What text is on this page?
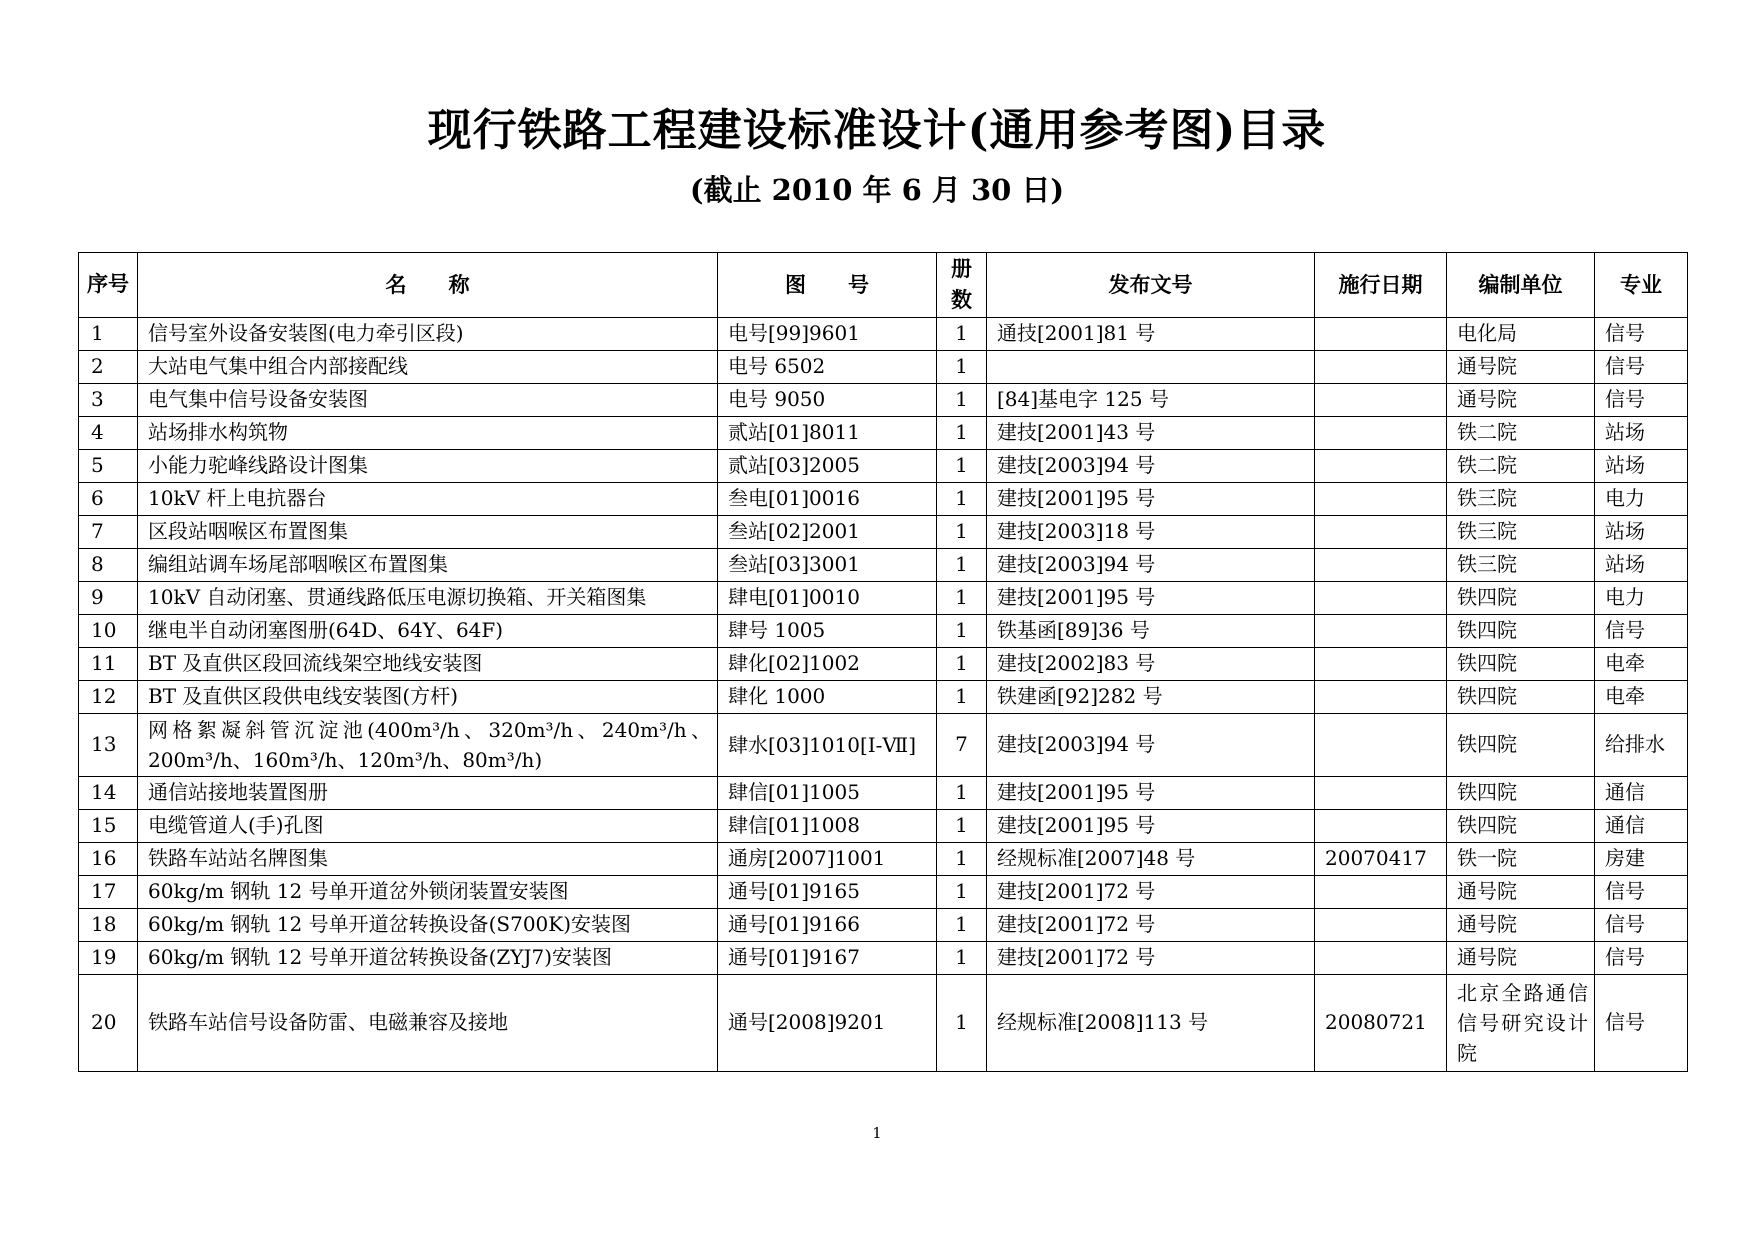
现行铁路工程建设标准设计(通用参考图)目录
(截止 2010 年 6 月 30 日)
序号	名　　称	图　　号	册数	发布文号	施行日期	编制单位	专业
1	信号室外设备安装图(电力牵引区段)	电号[99]9601	1	通技[2001]81 号		电化局	信号
2	大站电气集中组合内部接配线	电号 6502	1			通号院	信号
3	电气集中信号设备安装图	电号 9050	1	[84]基电字 125 号		通号院	信号
4	站场排水构筑物	贰站[01]8011	1	建技[2001]43 号		铁二院	站场
5	小能力驼峰线路设计图集	贰站[03]2005	1	建技[2003]94 号		铁二院	站场
6	10kV 杆上电抗器台	叁电[01]0016	1	建技[2001]95 号		铁三院	电力
7	区段站咽喉区布置图集	叁站[02]2001	1	建技[2003]18 号		铁三院	站场
8	编组站调车场尾部咽喉区布置图集	叁站[03]3001	1	建技[2003]94 号		铁三院	站场
9	10kV 自动闭塞、贯通线路低压电源切换箱、开关箱图集	肆电[01]0010	1	建技[2001]95 号		铁四院	电力
10	继电半自动闭塞图册(64D、64Y、64F)	肆号 1005	1	铁基函[89]36 号		铁四院	信号
11	BT 及直供区段回流线架空地线安装图	肆化[02]1002	1	建技[2002]83 号		铁四院	电牵
12	BT 及直供区段供电线安装图(方杆)	肆化 1000	1	铁建函[92]282 号		铁四院	电牵
13	网格絮凝斜管沉淀池(400m³/h、320m³/h、240m³/h、200m³/h、160m³/h、120m³/h、80m³/h)	肆水[03]1010[Ⅰ-Ⅶ]	7	建技[2003]94 号		铁四院	给排水
14	通信站接地装置图册	肆信[01]1005	1	建技[2001]95 号		铁四院	通信
15	电缆管道人(手)孔图	肆信[01]1008	1	建技[2001]95 号		铁四院	通信
16	铁路车站站名牌图集	通房[2007]1001	1	经规标准[2007]48 号	20070417	铁一院	房建
17	60kg/m 钢轨 12 号单开道岔外锁闭装置安装图	通号[01]9165	1	建技[2001]72 号		通号院	信号
18	60kg/m 钢轨 12 号单开道岔转换设备(S700K)安装图	通号[01]9166	1	建技[2001]72 号		通号院	信号
19	60kg/m 钢轨 12 号单开道岔转换设备(ZYJ7)安装图	通号[01]9167	1	建技[2001]72 号		通号院	信号
20	铁路车站信号设备防雷、电磁兼容及接地	通号[2008]9201	1	经规标准[2008]113 号	20080721	北京全路通信信号研究设计院	信号
1
